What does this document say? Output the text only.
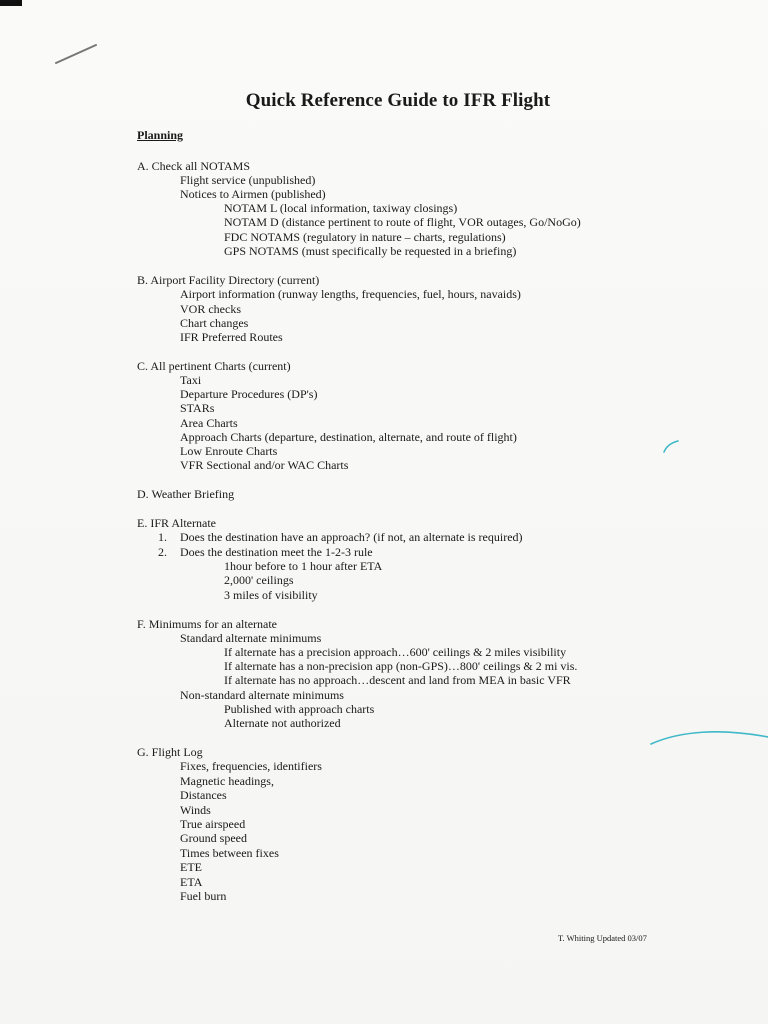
Quick Reference Guide to IFR Flight
Planning
A. Check all NOTAMS
Flight service (unpublished)
Notices to Airmen (published)
NOTAM L (local information, taxiway closings)
NOTAM D (distance pertinent to route of flight, VOR outages, Go/NoGo)
FDC NOTAMS (regulatory in nature – charts, regulations)
GPS NOTAMS (must specifically be requested in a briefing)
B. Airport Facility Directory (current)
Airport information (runway lengths, frequencies, fuel, hours, navaids)
VOR checks
Chart changes
IFR Preferred Routes
C. All pertinent Charts (current)
Taxi
Departure Procedures (DP's)
STARs
Area Charts
Approach Charts (departure, destination, alternate, and route of flight)
Low Enroute Charts
VFR Sectional and/or WAC Charts
D. Weather Briefing
E. IFR Alternate
1. Does the destination have an approach? (if not, an alternate is required)
2. Does the destination meet the 1-2-3 rule
1hour before to 1 hour after ETA
2,000' ceilings
3 miles of visibility
F. Minimums for an alternate
Standard alternate minimums
If alternate has a precision approach…600' ceilings & 2 miles visibility
If alternate has a non-precision app (non-GPS)…800' ceilings & 2 mi vis.
If alternate has no approach…descent and land from MEA in basic VFR
Non-standard alternate minimums
Published with approach charts
Alternate not authorized
G. Flight Log
Fixes, frequencies, identifiers
Magnetic headings,
Distances
Winds
True airspeed
Ground speed
Times between fixes
ETE
ETA
Fuel burn
T. Whiting Updated 03/07
